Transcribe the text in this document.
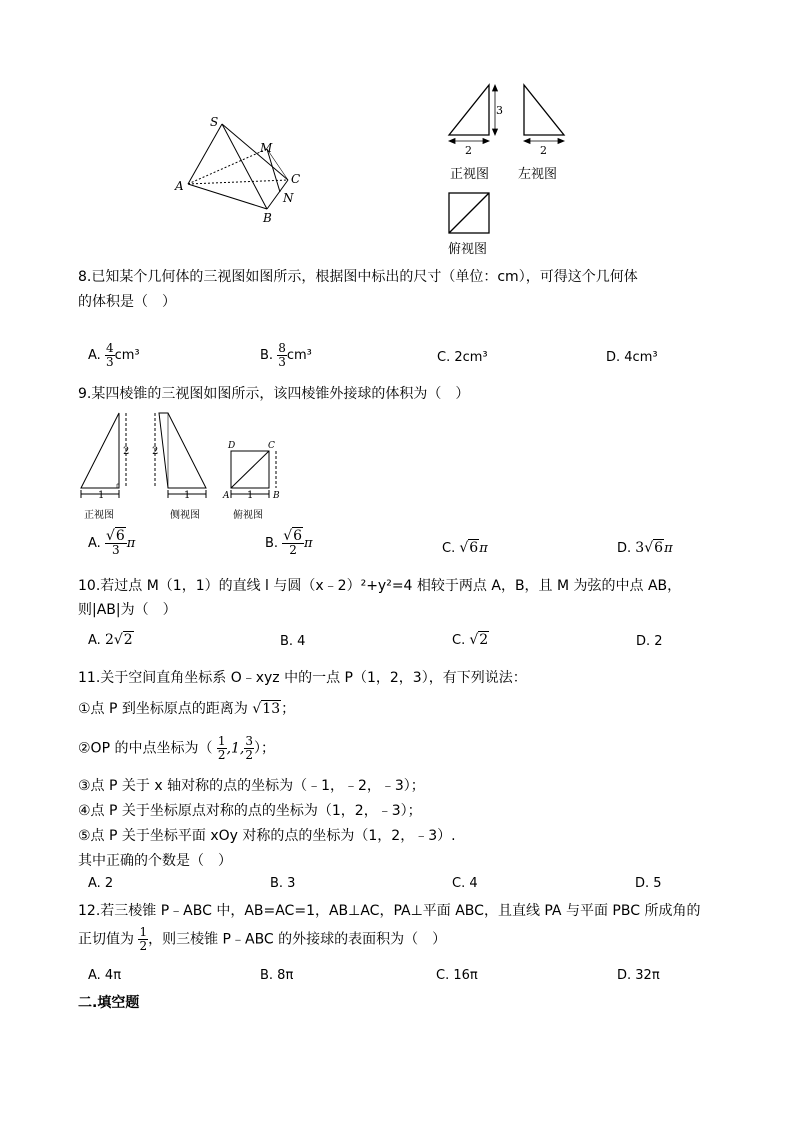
S
M
A	C
N
B
3
2	2
正视图 左视图
俯视图
8.已知某个几何体的三视图如图所示，根据图中标出的尺寸（单位：cm），可得这个几何体
的体积是（　）
A. $\frac{4}{3} cm^3$	B. $\frac{8}{3} cm^3$	C. 2cm³	D. 4cm³
9.某四棱锥的三视图如图所示，该四棱锥外接球的体积为（　）
2 2
1	1	1
D	C
A	B
正视图	侧视图	俯视图
A. $\frac{√6}{3}$ π	B. $\frac{√6}{2}$ π	C. √6π	D. 3√6π
10.若过点 M（1，1）的直线 l 与圆（x﹣2）²+y²=4 相较于两点 A，B，且 M 为弦的中点 AB，
则|AB|为（　）
A. 2√2	B. 4	C. √2	D. 2
11.关于空间直角坐标系 O﹣xyz 中的一点 P（1，2，3），有下列说法：
①点 P 到坐标原点的距离为 √13；
②OP 的中点坐标为（ $\frac{1}{2} ,1$, $\frac{3}{2}$ ）；
③点 P 关于 x 轴对称的点的坐标为（﹣1，﹣2，﹣3）；
④点 P 关于坐标原点对称的点的坐标为（1，2，﹣3）；
⑤点 P 关于坐标平面 xOy 对称的点的坐标为（1，2，﹣3）.
其中正确的个数是（　）
A. 2	B. 3	C. 4	D. 5
12.若三棱锥 P﹣ABC 中，AB=AC=1，AB⊥AC，PA⊥平面 ABC，且直线 PA 与平面 PBC 所成角的
正切值为 $\frac{1}{2}$ ，则三棱锥 P﹣ABC 的外接球的表面积为（　）
A. 4π	B. 8π	C. 16π	D. 32π
二.填空题
